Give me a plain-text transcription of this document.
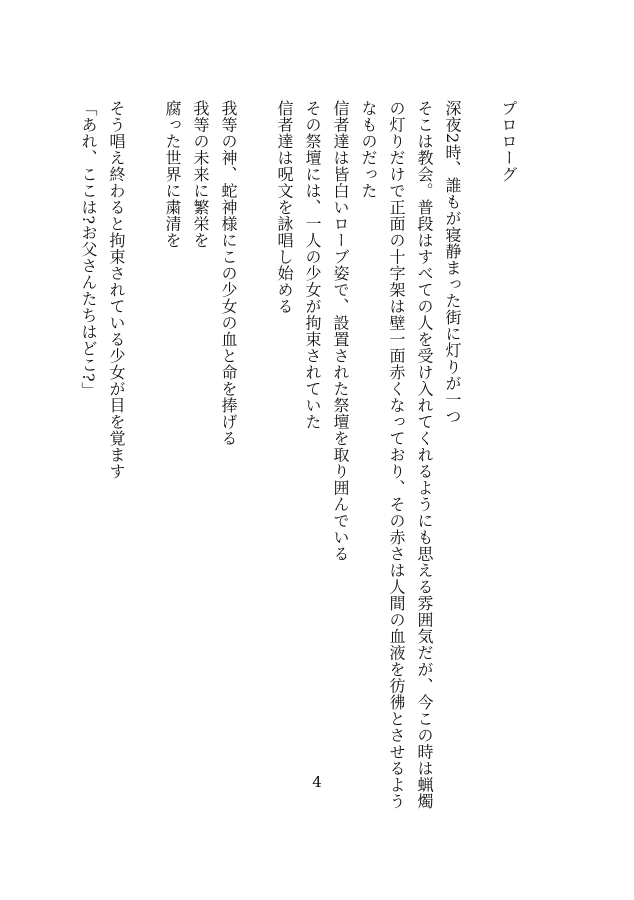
プロローグ
深夜2時、誰もが寝静まった街に灯りが一つ
そこは教会。普段はすべての人を受け入れてくれるようにも思える雰囲気だが、今この時は蝋燭
の灯りだけで正面の十字架は壁一面赤くなっており、その赤さは人間の血液を彷彿とさせるよう
なものだった
信者達は皆白いローブ姿で、設置された祭壇を取り囲んでいる
その祭壇には、一人の少女が拘束されていた
信者達は呪文を詠唱し始める
我等の神、蛇神様にこの少女の血と命を捧げる
我等の未来に繁栄を
腐った世界に粛清を
そう唱え終わると拘束されている少女が目を覚ます
「あれ、ここは?お父さんたちはどこ?」
4
